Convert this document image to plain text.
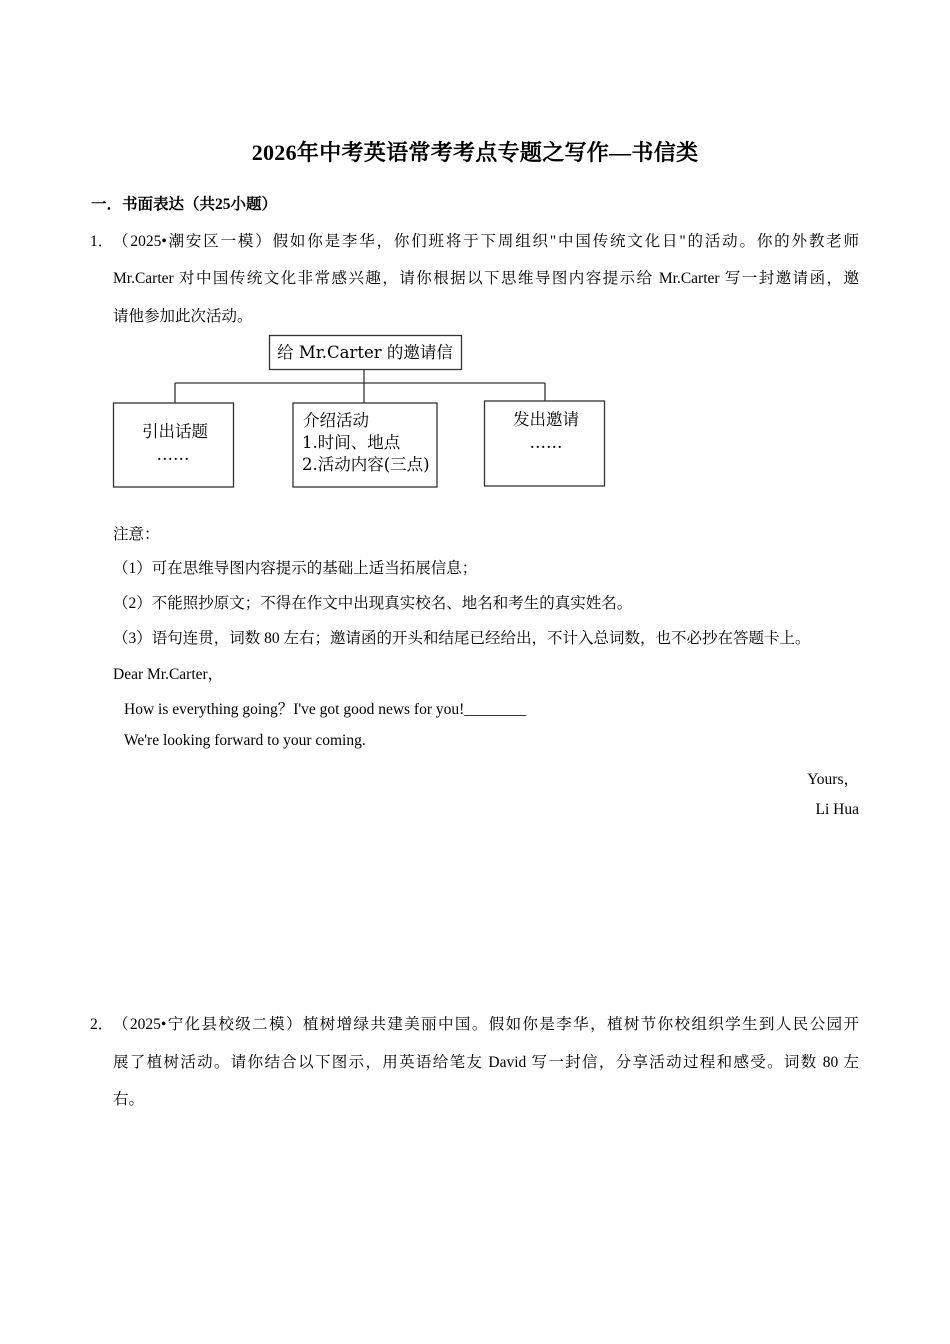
2026年中考英语常考考点专题之写作—书信类
一．书面表达（共25小题）
1． （2025•潮安区一模）假如你是李华，你们班将于下周组织"中国传统文化日"的活动。你的外教老师
Mr.Carter 对中国传统文化非常感兴趣，请你根据以下思维导图内容提示给 Mr.Carter 写一封邀请函，邀
请他参加此次活动。
给 Mr.Carter 的邀请信
引出话题
……
介绍活动
1.时间、地点
2.活动内容(三点)
发出邀请
……
注意：
（1）可在思维导图内容提示的基础上适当拓展信息；
（2）不能照抄原文；不得在作文中出现真实校名、地名和考生的真实姓名。
（3）语句连贯，词数 80 左右；邀请函的开头和结尾已经给出，不计入总词数，也不必抄在答题卡上。
Dear Mr.Carter，
How is everything going？I've got good news for you!________
We're looking forward to your coming.
Yours，
Li Hua
2． （2025•宁化县校级二模）植树增绿共建美丽中国。假如你是李华，植树节你校组织学生到人民公园开
展了植树活动。请你结合以下图示，用英语给笔友 David 写一封信，分享活动过程和感受。词数 80 左
右。
